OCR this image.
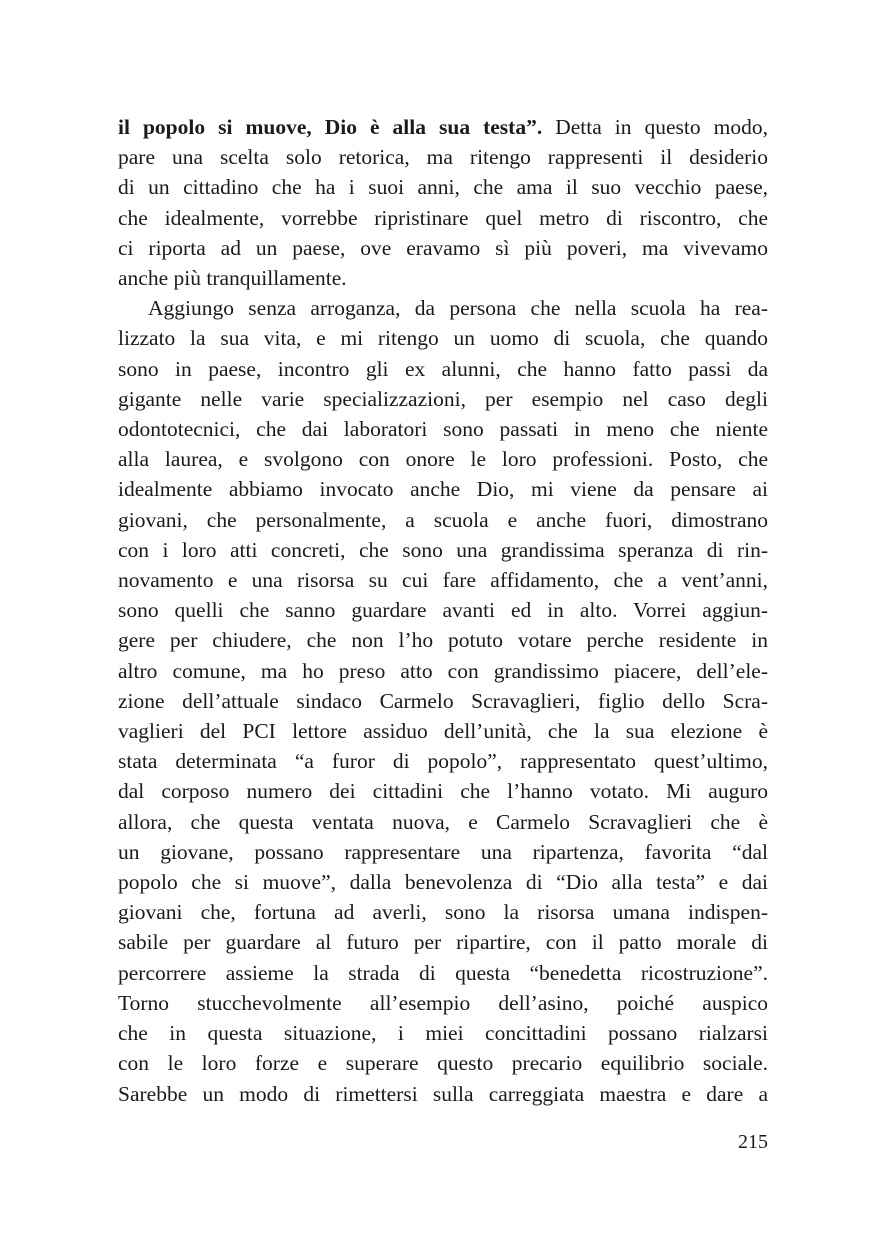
il popolo si muove, Dio è alla sua testa”. Detta in questo modo,
pare una scelta solo retorica, ma ritengo rappresenti il desiderio
di un cittadino che ha i suoi anni, che ama il suo vecchio paese,
che idealmente, vorrebbe ripristinare quel metro di riscontro, che
ci riporta ad un paese, ove eravamo sì più poveri, ma vivevamo
anche più tranquillamente.

Aggiungo senza arroganza, da persona che nella scuola ha rea-
lizzato la sua vita, e mi ritengo un uomo di scuola, che quando
sono in paese, incontro gli ex alunni, che hanno fatto passi da
gigante nelle varie specializzazioni, per esempio nel caso degli
odontotecnici, che dai laboratori sono passati in meno che niente
alla laurea, e svolgono con onore le loro professioni. Posto, che
idealmente abbiamo invocato anche Dio, mi viene da pensare ai
giovani, che personalmente, a scuola e anche fuori, dimostrano
con i loro atti concreti, che sono una grandissima speranza di rin-
novamento e una risorsa su cui fare affidamento, che a vent’anni,
sono quelli che sanno guardare avanti ed in alto. Vorrei aggiun-
gere per chiudere, che non l’ho potuto votare perche residente in
altro comune, ma ho preso atto con grandissimo piacere, dell’ele-
zione dell’attuale sindaco Carmelo Scravaglieri, figlio dello Scra-
vaglieri del PCI lettore assiduo dell’unità, che la sua elezione è
stata determinata “a furor di popolo”, rappresentato quest’ultimo,
dal corposo numero dei cittadini che l’hanno votato. Mi auguro
allora, che questa ventata nuova, e Carmelo Scravaglieri che è
un giovane, possano rappresentare una ripartenza, favorita “dal
popolo che si muove”, dalla benevolenza di “Dio alla testa” e dai
giovani che, fortuna ad averli, sono la risorsa umana indispen-
sabile per guardare al futuro per ripartire, con il patto morale di
percorrere assieme la strada di questa “benedetta ricostruzione”.
Torno stucchevolmente all’esempio dell’asino, poiché auspico
che in questa situazione, i miei concittadini possano rialzarsi
con le loro forze e superare questo precario equilibrio sociale.
Sarebbe un modo di rimettersi sulla carreggiata maestra e dare a

215
